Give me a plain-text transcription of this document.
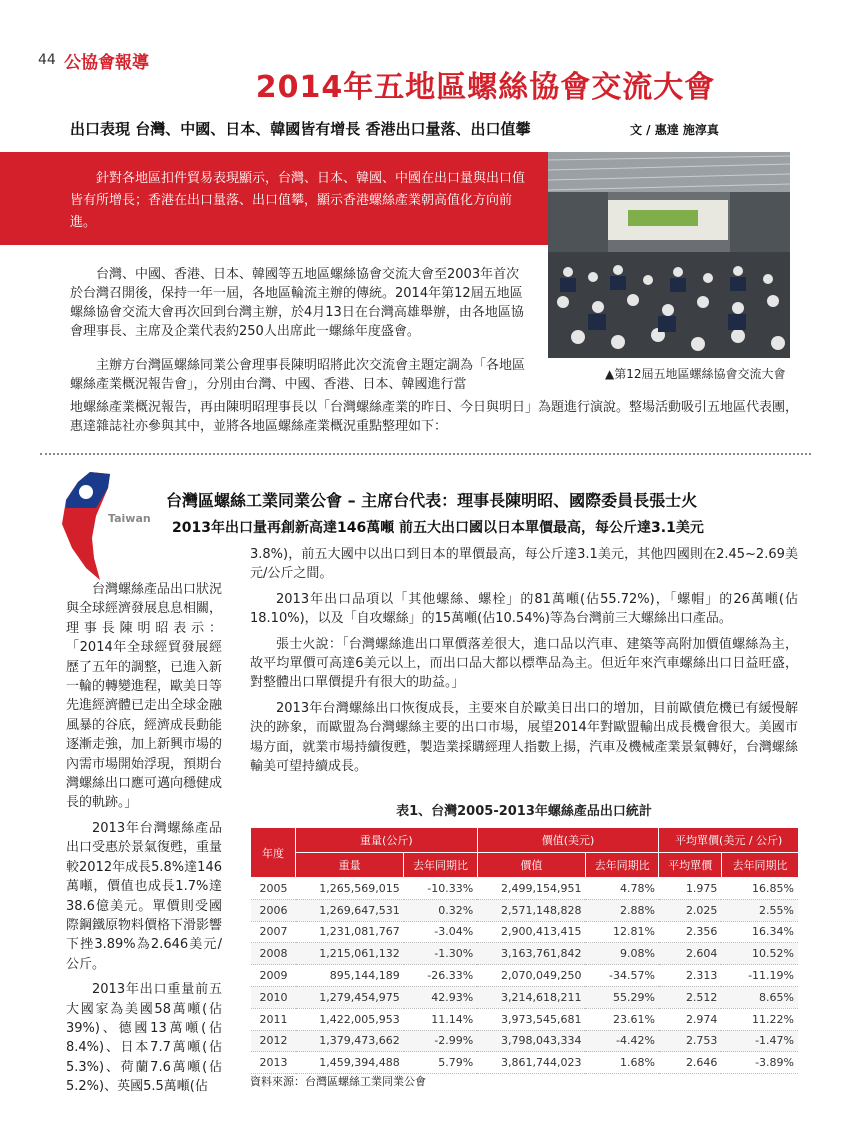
44 公協會報導
2014年五地區螺絲協會交流大會
出口表現 台灣、中國、日本、韓國皆有增長 香港出口量落、出口值攀	文 / 惠達 施淳真
針對各地區扣件貿易表現顯示，台灣、日本、韓國、中國在出口量與出口值皆有所增長；香港在出口量落、出口值攀，顯示香港螺絲產業朝高值化方向前進。
▲第12屆五地區螺絲協會交流大會
台灣、中國、香港、日本、韓國等五地區螺絲協會交流大會至2003年首次於台灣召開後，保持一年一屆，各地區輪流主辦的傳統。2014年第12屆五地區螺絲協會交流大會再次回到台灣主辦，於4月13日在台灣高雄舉辦，由各地區協會理事長、主席及企業代表約250人出席此一螺絲年度盛會。
主辦方台灣區螺絲同業公會理事長陳明昭將此次交流會主題定調為「各地區螺絲產業概況報告會」，分別由台灣、中國、香港、日本、韓國進行當
地螺絲產業概況報告，再由陳明昭理事長以「台灣螺絲產業的昨日、今日與明日」為題進行演說。整場活動吸引五地區代表團，惠達雜誌社亦參與其中，並將各地區螺絲產業概況重點整理如下：
Taiwan
台灣區螺絲工業同業公會 – 主席台代表：理事長陳明昭、國際委員長張士火
2013年出口量再創新高達146萬噸 前五大出口國以日本單價最高，每公斤達3.1美元

台灣螺絲產品出口狀況與全球經濟發展息息相關，理事長陳明昭表示：「2014年全球經貿發展經歷了五年的調整，已進入新一輪的轉變進程，歐美日等先進經濟體已走出全球金融風暴的谷底，經濟成長動能逐漸走強，加上新興市場的內需市場開始浮現，預期台灣螺絲出口應可邁向穩健成長的軌跡。」

2013年台灣螺絲產品出口受惠於景氣復甦，重量較2012年成長5.8%達146萬噸，價值也成長1.7%達38.6億美元。單價則受國際鋼鐵原物料價格下滑影響下挫3.89%為2.646美元/公斤。

2013年出口重量前五大國家為美國58萬噸(佔39%)、德國13萬噸(佔8.4%)、日本7.7萬噸(佔5.3%)、荷蘭7.6萬噸(佔5.2%)、英國5.5萬噸(佔

3.8%)，前五大國中以出口到日本的單價最高，每公斤達3.1美元，其他四國則在2.45~2.69美元/公斤之間。

2013年出口品項以「其他螺絲、螺栓」的81萬噸(佔55.72%)，「螺帽」的26萬噸(佔18.10%)，以及「自攻螺絲」的15萬噸(佔10.54%)等為台灣前三大螺絲出口產品。

張士火說：「台灣螺絲進出口單價落差很大，進口品以汽車、建築等高附加價值螺絲為主，故平均單價可高達6美元以上，而出口品大都以標準品為主。但近年來汽車螺絲出口日益旺盛，對整體出口單價提升有很大的助益。」

2013年台灣螺絲出口恢復成長，主要來自於歐美日出口的增加，目前歐債危機已有緩慢解決的跡象，而歐盟為台灣螺絲主要的出口市場，展望2014年對歐盟輸出成長機會很大。美國市場方面，就業市場持續復甦，製造業採購經理人指數上揚，汽車及機械產業景氣轉好，台灣螺絲輸美可望持續成長。

表1、台灣2005-2013年螺絲產品出口統計
年度	重量(公斤)		價值(美元)		平均單價(美元 / 公斤)	
	重量	去年同期比	價值	去年同期比	平均單價	去年同期比
2005	1,265,569,015	-10.33%	2,499,154,951	4.78%	1.975	16.85%
2006	1,269,647,531	0.32%	2,571,148,828	2.88%	2.025	2.55%
2007	1,231,081,767	-3.04%	2,900,413,415	12.81%	2.356	16.34%
2008	1,215,061,132	-1.30%	3,163,761,842	9.08%	2.604	10.52%
2009	895,144,189	-26.33%	2,070,049,250	-34.57%	2.313	-11.19%
2010	1,279,454,975	42.93%	3,214,618,211	55.29%	2.512	8.65%
2011	1,422,005,953	11.14%	3,973,545,681	23.61%	2.974	11.22%
2012	1,379,473,662	-2.99%	3,798,043,334	-4.42%	2.753	-1.47%
2013	1,459,394,488	5.79%	3,861,744,023	1.68%	2.646	-3.89%
資料來源：台灣區螺絲工業同業公會
